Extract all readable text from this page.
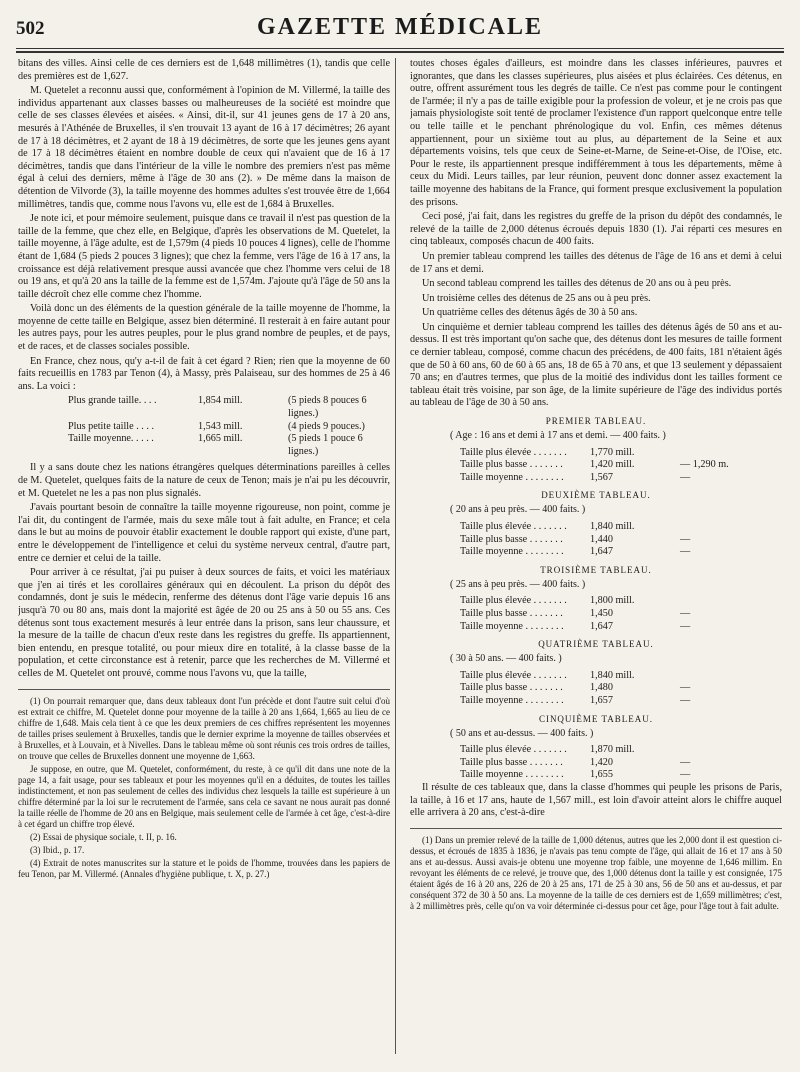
502	GAZETTE MÉDICALE

bitans des villes. Ainsi celle de ces derniers est de 1,648 millimètres (1), tandis que celle des premières est de 1,627.

M. Quetelet a reconnu aussi que, conformément à l'opinion de M. Villermé, la taille des individus appartenant aux classes basses ou malheureuses de la société est moindre que celle de ses classes élevées et aisées. « Ainsi, dit-il, sur 41 jeunes gens de 17 à 20 ans, mesurés à l'Athénée de Bruxelles, il s'en trouvait 13 ayant de 16 à 17 décimètres; 26 ayant de 17 à 18 décimètres, et 2 ayant de 18 à 19 décimètres, de sorte que les jeunes gens ayant de 17 à 18 décimètres étaient en nombre double de ceux qui n'avaient que de 16 à 17 décimètres, tandis que dans l'intérieur de la ville le nombre des premiers n'est pas même égal à celui des derniers, même à l'âge de 30 ans (2). » De même dans la maison de détention de Vilvorde (3), la taille moyenne des hommes adultes s'est trouvée être de 1,664 millimètres, tandis que, comme nous l'avons vu, elle est de 1,684 à Bruxelles.

Je note ici, et pour mémoire seulement, puisque dans ce travail il n'est pas question de la taille de la femme, que chez elle, en Belgique, d'après les observations de M. Quetelet, la taille moyenne, à l'âge adulte, est de 1,579m (4 pieds 10 pouces 4 lignes), celle de l'homme étant de 1,684 (5 pieds 2 pouces 3 lignes); que chez la femme, vers l'âge de 16 à 17 ans, la croissance est déjà relativement presque aussi avancée que chez l'homme vers celui de 18 ou 19 ans, et qu'à 20 ans la taille de la femme est de 1,574m. J'ajoute qu'à l'âge de 50 ans la taille décroît chez elle comme chez l'homme.

Voilà donc un des éléments de la question générale de la taille moyenne de l'homme, la moyenne de cette taille en Belgique, assez bien déterminé. Il resterait à en faire autant pour les autres pays, pour les autres peuples, pour le plus grand nombre de peuples, et de pays, et de races, et de classes sociales possible.

En France, chez nous, qu'y a-t-il de fait à cet égard ? Rien; rien que la moyenne de 60 faits recueillis en 1783 par Tenon (4), à Massy, près Palaiseau, sur des hommes de 25 à 46 ans. La voici :

Plus grande taille. . . .	1,854 mill.	(5 pieds 8 pouces 6 lignes.)
Plus petite taille . . . .	1,543 mill.	(4 pieds 9 pouces.)
Taille moyenne. . . . .	1,665 mill.	(5 pieds 1 pouce 6 lignes.)

Il y a sans doute chez les nations étrangères quelques déterminations pareilles à celles de M. Quetelet, quelques faits de la nature de ceux de Tenon; mais je n'ai pu les découvrir, et M. Quetelet ne les a pas non plus signalés.

J'avais pourtant besoin de connaître la taille moyenne rigoureuse, non point, comme je l'ai dit, du contingent de l'armée, mais du sexe mâle tout à fait adulte, en France; et cela dans le but au moins de pouvoir établir exactement le double rapport qui existe, d'une part, entre le développement de l'intelligence et celui du système nerveux central, d'autre part, entre ce dernier et celui de la taille.

Pour arriver à ce résultat, j'ai pu puiser à deux sources de faits, et voici les matériaux que j'en ai tirés et les corollaires généraux qui en découlent. La prison du dépôt des condamnés, dont je suis le médecin, renferme des détenus dont l'âge varie depuis 16 ans jusqu'à 70 ou 80 ans, mais dont la majorité est âgée de 20 ou 25 ans à 50 ou 55 ans. Ces détenus sont tous exactement mesurés à leur entrée dans la prison, sans leur chaussure, et la mesure de la taille de chacun d'eux reste dans les registres du greffe. Ils appartiennent, bien entendu, en presque totalité, ou pour mieux dire en totalité, à la classe basse de la population, et cette circonstance est à retenir, parce que les recherches de M. Villermé et celles de M. Quetelet ont prouvé, comme nous l'avons vu, que la taille,

(1) On pourrait remarquer que, dans deux tableaux dont l'un précède et dont l'autre suit celui d'où est extrait ce chiffre, M. Quetelet donne pour moyenne de la taille à 20 ans 1,664, 1,665 au lieu de ce chiffre de 1,648. Mais cela tient à ce que les deux premiers de ces chiffres représentent les moyennes de tailles prises seulement à Bruxelles, tandis que le dernier exprime la moyenne de tailles observées et à Bruxelles, et à Louvain, et à Nivelles. Dans le tableau même où sont réunis ces trois ordres de tailles, on trouve que celles de Bruxelles donnent une moyenne de 1,663.

Je suppose, en outre, que M. Quetelet, conformément, du reste, à ce qu'il dit dans une note de la page 14, a fait usage, pour ses tableaux et pour les moyennes qu'il en a déduites, de toutes les tailles indistinctement, et non pas seulement de celles des individus chez lesquels la taille est supérieure à un chiffre déterminé par la loi sur le recrutement de l'armée, sans cela ce savant ne nous aurait pas donné la taille réelle de l'homme de 20 ans en Belgique, mais seulement celle de l'armée à cet âge, c'est-à-dire à cet égard un chiffre trop élevé.

(2) Essai de physique sociale, t. II, p. 16.

(3) Ibid., p. 17.

(4) Extrait de notes manuscrites sur la stature et le poids de l'homme, trouvées dans les papiers de feu Tenon, par M. Villermé. (Annales d'hygiène publique, t. X, p. 27.)

toutes choses égales d'ailleurs, est moindre dans les classes inférieures, pauvres et ignorantes, que dans les classes supérieures, plus aisées et plus éclairées. Ces détenus, en outre, offrent assurément tous les degrés de taille. Ce n'est pas comme pour le contingent de l'armée; il n'y a pas de taille exigible pour la profession de voleur, et je ne crois pas que jamais physiologiste soit tenté de proclamer l'existence d'un rapport quelconque entre telle ou telle taille et le penchant phrénologique du vol. Enfin, ces mêmes détenus appartiennent, pour un sixième tout au plus, au département de la Seine et aux départements voisins, tels que ceux de Seine-et-Marne, de Seine-et-Oise, de l'Oise, etc. Pour le reste, ils appartiennent presque indifféremment à tous les départements, même à ceux du Midi. Leurs tailles, par leur réunion, peuvent donc donner assez exactement la taille moyenne des habitans de la France, qui forment presque exclusivement la population des prisons.

Ceci posé, j'ai fait, dans les registres du greffe de la prison du dépôt des condamnés, le relevé de la taille de 2,000 détenus écroués depuis 1830 (1). J'ai réparti ces mesures en cinq tableaux, composés chacun de 400 faits.

Un premier tableau comprend les tailles des détenus de l'âge de 16 ans et demi à celui de 17 ans et demi.

Un second tableau comprend les tailles des détenus de 20 ans ou à peu près.

Un troisième celles des détenus de 25 ans ou à peu près.

Un quatrième celles des détenus âgés de 30 à 50 ans.

Un cinquième et dernier tableau comprend les tailles des détenus âgés de 50 ans et au-dessus. Il est très important qu'on sache que, des détenus dont les mesures de taille forment ce dernier tableau, composé, comme chacun des précédens, de 400 faits, 181 n'étaient âgés que de 50 à 60 ans, 60 de 60 à 65 ans, 18 de 65 à 70 ans, et que 13 seulement y dépassaient 70 ans; en d'autres termes, que plus de la moitié des individus dont les tailles forment ce tableau était très voisine, par son âge, de la limite supérieure de l'âge des individus portés au tableau de l'âge de 30 à 50 ans.

PREMIER TABLEAU.
( Age : 16 ans et demi à 17 ans et demi. — 400 faits. )
Taille plus élevée . . . . . . .	1,770 mill.
Taille plus basse . . . . . . .	1,420 mill.	— 1,290 m.
Taille moyenne . . . . . . . .	1,567	—
DEUXIÈME TABLEAU.
( 20 ans à peu près. — 400 faits. )
Taille plus élevée . . . . . . .	1,840 mill.
Taille plus basse . . . . . . .	1,440	—
Taille moyenne . . . . . . . .	1,647	—
TROISIÈME TABLEAU.
( 25 ans à peu près. — 400 faits. )
Taille plus élevée . . . . . . .	1,800 mill.
Taille plus basse . . . . . . .	1,450	—
Taille moyenne . . . . . . . .	1,647	—
QUATRIÈME TABLEAU.
( 30 à 50 ans. — 400 faits. )
Taille plus élevée . . . . . . .	1,840 mill.
Taille plus basse . . . . . . .	1,480	—
Taille moyenne . . . . . . . .	1,657	—
CINQUIÈME TABLEAU.
( 50 ans et au-dessus. — 400 faits. )
Taille plus élevée . . . . . . .	1,870 mill.
Taille plus basse . . . . . . .	1,420	—
Taille moyenne . . . . . . . .	1,655	—

Il résulte de ces tableaux que, dans la classe d'hommes qui peuple les prisons de Paris, la taille, à 16 et 17 ans, haute de 1,567 mill., est loin d'avoir atteint alors le chiffre auquel elle arrivera à 20 ans, c'est-à-dire

(1) Dans un premier relevé de la taille de 1,000 détenus, autres que les 2,000 dont il est question ci-dessus, et écroués de 1835 à 1836, je n'avais pas tenu compte de l'âge, qui allait de 16 et 17 ans à 50 ans et au-dessus. Aussi avais-je obtenu une moyenne trop faible, une moyenne de 1,646 millim. En revoyant les éléments de ce relevé, je trouve que, des 1,000 détenus dont la taille y est consignée, 175 étaient âgés de 16 à 20 ans, 226 de 20 à 25 ans, 171 de 25 à 30 ans, 56 de 50 ans et au-dessus, et par conséquent 372 de 30 à 50 ans. La moyenne de la taille de ces derniers est de 1,659 millimètres; c'est, à 2 millimètres près, celle qu'on va voir déterminée ci-dessus pour cet âge, pour l'âge tout à fait adulte.
